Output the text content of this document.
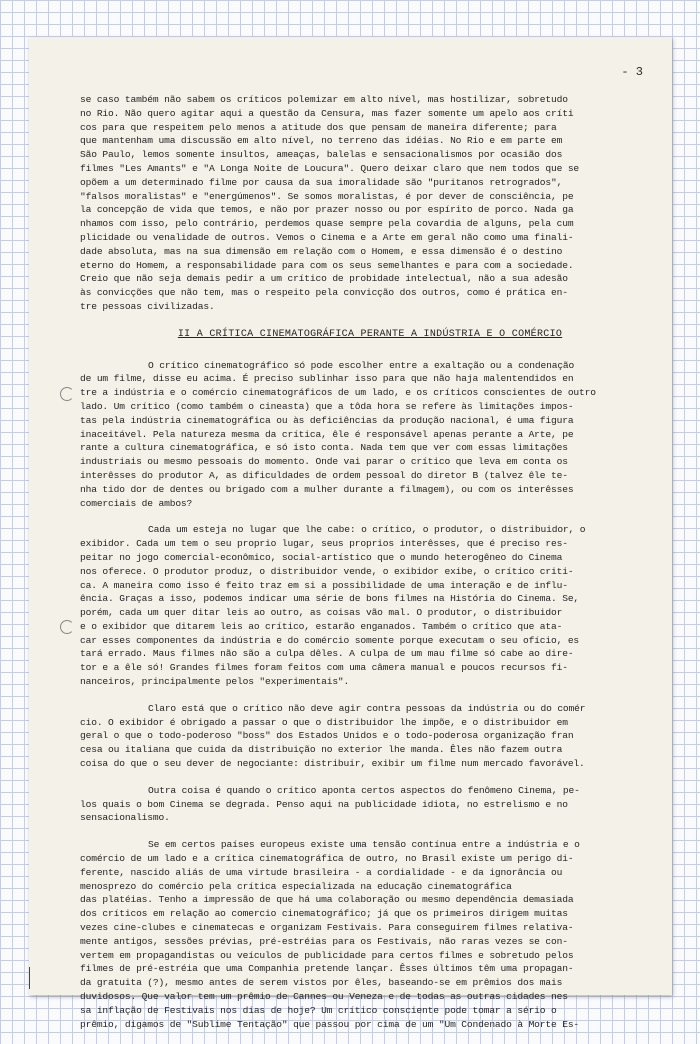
- 3

se caso também não sabem os críticos polemizar em alto nível, mas hostilizar, sobretudo
no Rio. Não quero agitar aqui a questão da Censura, mas fazer somente um apelo aos críti
cos para que respeitem pelo menos a atitude dos que pensam de maneira diferente; para
que mantenham uma discussão em alto nível, no terreno das idéias. No Rio e em parte em
São Paulo, lemos somente insultos, ameaças, balelas e sensacionalismos por ocasião dos
filmes "Les Amants" e "A Longa Noite de Loucura". Quero deixar claro que nem todos que se
opõem a um determinado filme por causa da sua imoralidade são "puritanos retrogrados",
"falsos moralistas" e "energúmenos". Se somos moralistas, é por dever de consciência, pe
la concepção de vida que temos, e não por prazer nosso ou por espírito de porco. Nada ga
nhamos com isso, pelo contrário, perdemos quase sempre pela covardia de alguns, pela cum
plicidade ou venalidade de outros. Vemos o Cinema e a Arte em geral não como uma finali-
dade absoluta, mas na sua dimensão em relação com o Homem, e essa dimensão é o destino
eterno do Homem, a responsabilidade para com os seus semelhantes e para com a sociedade.
Creio que não seja demais pedir a um crítico de probidade intelectual, não a sua adesão
às convicções que não tem, mas o respeito pela convicção dos outros, como é prática en-
tre pessoas civilizadas.

II A CRÍTICA CINEMATOGRÁFICA PERANTE A INDÚSTRIA E O COMÉRCIO

O crítico cinematográfico só pode escolher entre a exaltação ou a condenação
de um filme, disse eu acima. É preciso sublinhar isso para que não haja malentendidos en
tre a indústria e o comércio cinematográficos de um lado, e os críticos conscientes de outro
lado. Um crítico (como também o cineasta) que a tôda hora se refere às limitações impos-
tas pela indústria cinematográfica ou às deficiências da produção nacional, é uma figura
inaceitável. Pela natureza mesma da crítica, êle é responsável apenas perante a Arte, pe
rante a cultura cinematográfica, e só isto conta. Nada tem que ver com essas limitações
industriais ou mesmo pessoais do momento. Onde vai parar o crítico que leva em conta os
interêsses do produtor A, as dificuldades de ordem pessoal do diretor B (talvez êle te-
nha tido dor de dentes ou brigado com a mulher durante a filmagem), ou com os interêsses
comerciais de ambos?

Cada um esteja no lugar que lhe cabe: o crítico, o produtor, o distribuidor, o
exibidor. Cada um tem o seu proprio lugar, seus proprios interêsses, que é preciso res-
peitar no jogo comercial-econômico, social-artístico que o mundo heterogêneo do Cinema
nos oferece. O produtor produz, o distribuidor vende, o exibidor exibe, o crítico criti-
ca. A maneira como isso é feito traz em si a possibilidade de uma interação e de influ-
ência. Graças a isso, podemos indicar uma série de bons filmes na História do Cinema. Se,
porém, cada um quer ditar leis ao outro, as coisas vão mal. O produtor, o distribuidor
e o exibidor que ditarem leis ao crítico, estarão enganados. Também o crítico que ata-
car esses componentes da indústria e do comércio somente porque executam o seu ofício, es
tará errado. Maus filmes não são a culpa dêles. A culpa de um mau filme só cabe ao dire-
tor e a êle só! Grandes filmes foram feitos com uma câmera manual e poucos recursos fi-
nanceiros, principalmente pelos "experimentais".

Claro está que o crítico não deve agir contra pessoas da indústria ou do comér
cio. O exibidor é obrigado a passar o que o distribuidor lhe impõe, e o distribuidor em
geral o que o todo-poderoso "boss" dos Estados Unidos e o todo-poderosa organização fran
cesa ou italiana que cuida da distribuição no exterior lhe manda. Êles não fazem outra
coisa do que o seu dever de negociante: distribuir, exibir um filme num mercado favorável.

Outra coisa é quando o crítico aponta certos aspectos do fenômeno Cinema, pe-
los quais o bom Cinema se degrada. Penso aqui na publicidade idiota, no estrelismo e no
sensacionalismo.

Se em certos países europeus existe uma tensão contínua entre a indústria e o
comércio de um lado e a crítica cinematográfica de outro, no Brasil existe um perigo di-
ferente, nascido aliás de uma virtude brasileira - a cordialidade - e da ignorância ou
menosprezo do comércio pela crítica especializada na educação cinematográfica
das platéias. Tenho a impressão de que há uma colaboração ou mesmo dependência demasiada
dos críticos em relação ao comercio cinematográfico; já que os primeiros dirigem muitas
vezes cine-clubes e cinematecas e organizam Festivais. Para conseguirem filmes relativa-
mente antigos, sessões prévias, pré-estréias para os Festivais, não raras vezes se con-
vertem em propagandistas ou veículos de publicidade para certos filmes e sobretudo pelos
filmes de pré-estréia que uma Companhia pretende lançar. Êsses últimos têm uma propagan-
da gratuita (?), mesmo antes de serem vistos por êles, baseando-se em prêmios dos mais
duvidosos. Que valor tem um prêmio de Cannes ou Veneza e de todas as outras cidades nes
sa inflação de Festivais nos dias de hoje? Um crítico consciente pode tomar a sério o
prêmio, digamos de "Sublime Tentação" que passou por cima de um "Um Condenado à Morte Es-
